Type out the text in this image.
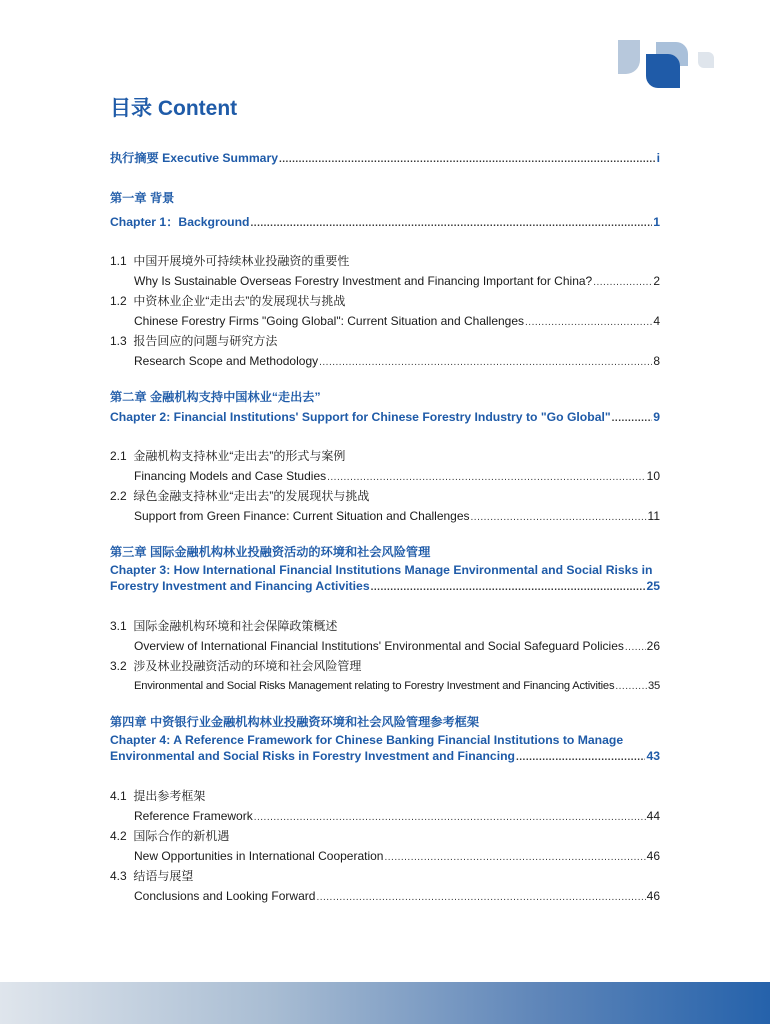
目录 Content
执行摘要 Executive Summary .....	i
第一章 背景
Chapter 1：Background .....	1
1.1 中国开展境外可持续林业投融资的重要性
Why Is Sustainable Overseas Forestry Investment and Financing Important for China? .....	2
1.2 中资林业企业“走出去”的发展现状与挑战
Chinese Forestry Firms "Going Global": Current Situation and Challenges .....	4
1.3 报告回应的问题与研究方法
Research Scope and Methodology .....	8
第二章 金融机构支持中国林业“走出去”
Chapter 2: Financial Institutions' Support for Chinese Forestry Industry to "Go Global" .....	9
2.1 金融机构支持林业“走出去”的形式与案例
Financing Models and Case Studies .....	10
2.2 绿色金融支持林业“走出去”的发展现状与挑战
Support from Green Finance: Current Situation and Challenges .....	11
第三章 国际金融机构林业投融资活动的环境和社会风险管理
Chapter 3: How International Financial Institutions Manage Environmental and Social Risks in
Forestry Investment and Financing Activities .....	25
3.1 国际金融机构环境和社会保障政策概述
Overview of International Financial Institutions' Environmental and Social Safeguard Policies ..... 26
3.2 涉及林业投融资活动的环境和社会风险管理
Environmental and Social Risks Management relating to Forestry Investment and Financing Activities .....	35
第四章 中资银行业金融机构林业投融资环境和社会风险管理参考框架
Chapter 4: A Reference Framework for Chinese Banking Financial Institutions to Manage
Environmental and Social Risks in Forestry Investment and Financing .....	43
4.1 提出参考框架
Reference Framework .....	44
4.2 国际合作的新机遇
New Opportunities in International Cooperation .....	46
4.3 结语与展望
Conclusions and Looking Forward .....	46
